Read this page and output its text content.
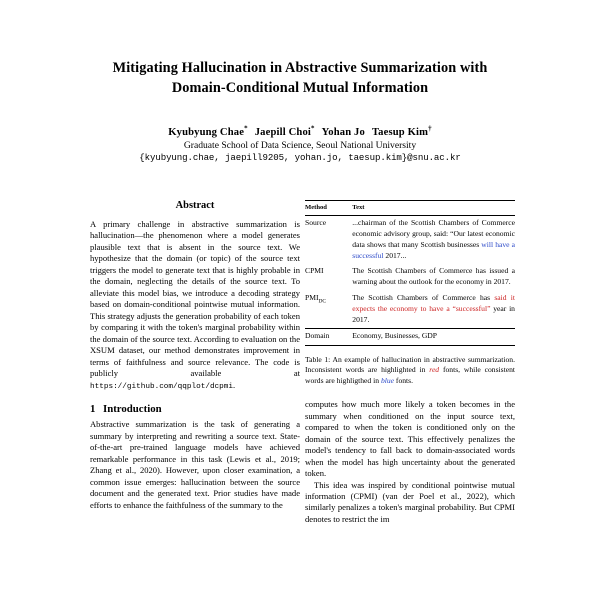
Mitigating Hallucination in Abstractive Summarization with
Domain-Conditional Mutual Information
Kyubyung Chae* Jaepill Choi* Yohan Jo Taesup Kim†
Graduate School of Data Science, Seoul National University
{kyubyung.chae, jaepill9205, yohan.jo, taesup.kim}@snu.ac.kr
Abstract

A primary challenge in abstractive summarization is hallucination—the phenomenon where a model generates plausible text that is absent in the source text. We hypothesize that the domain (or topic) of the source text triggers the model to generate text that is highly probable in the domain, neglecting the details of the source text. To alleviate this model bias, we introduce a decoding strategy based on domain-conditional pointwise mutual information. This strategy adjusts the generation probability of each token by comparing it with the token's marginal probability within the domain of the source text. According to evaluation on the XSUM dataset, our method demonstrates improvement in terms of faithfulness and source relevance. The code is publicly available at https://github.com/qqplot/dcpmi.

1 Introduction

Abstractive summarization is the task of generating a summary by interpreting and rewriting a source text. State-of-the-art pre-trained language models have achieved remarkable performance in this task (Lewis et al., 2019; Zhang et al., 2020). However, upon closer examination, a common issue emerges: hallucination between the source document and the generated text. Prior studies have made efforts to enhance the faithfulness of the summary to the

Method	Text
Source	...chairman of the Scottish Chambers of Commerce economic advisory group, said: “Our latest economic data shows that many Scottish businesses will have a successful 2017...
CPMI	The Scottish Chambers of Commerce has issued a warning about the outlook for the economy in 2017.
$PMI_{DC}$	The Scottish Chambers of Commerce has said it expects the economy to have a “successful” year in 2017.
Domain	Economy, Businesses, GDP

Table 1: An example of hallucination in abstractive summarization. Inconsistent words are highlighted in red fonts, while consistent words are highligthed in blue fonts.

computes how much more likely a token becomes in the summary when conditioned on the input source text, compared to when the token is conditioned only on the domain of the source text. This effectively penalizes the model's tendency to fall back to domain-associated words when the model has high uncertainty about the generated token.

This idea was inspired by conditional pointwise mutual information (CPMI) (van der Poel et al., 2022), which similarly penalizes a token's marginal probability. But CPMI denotes to restrict the im
